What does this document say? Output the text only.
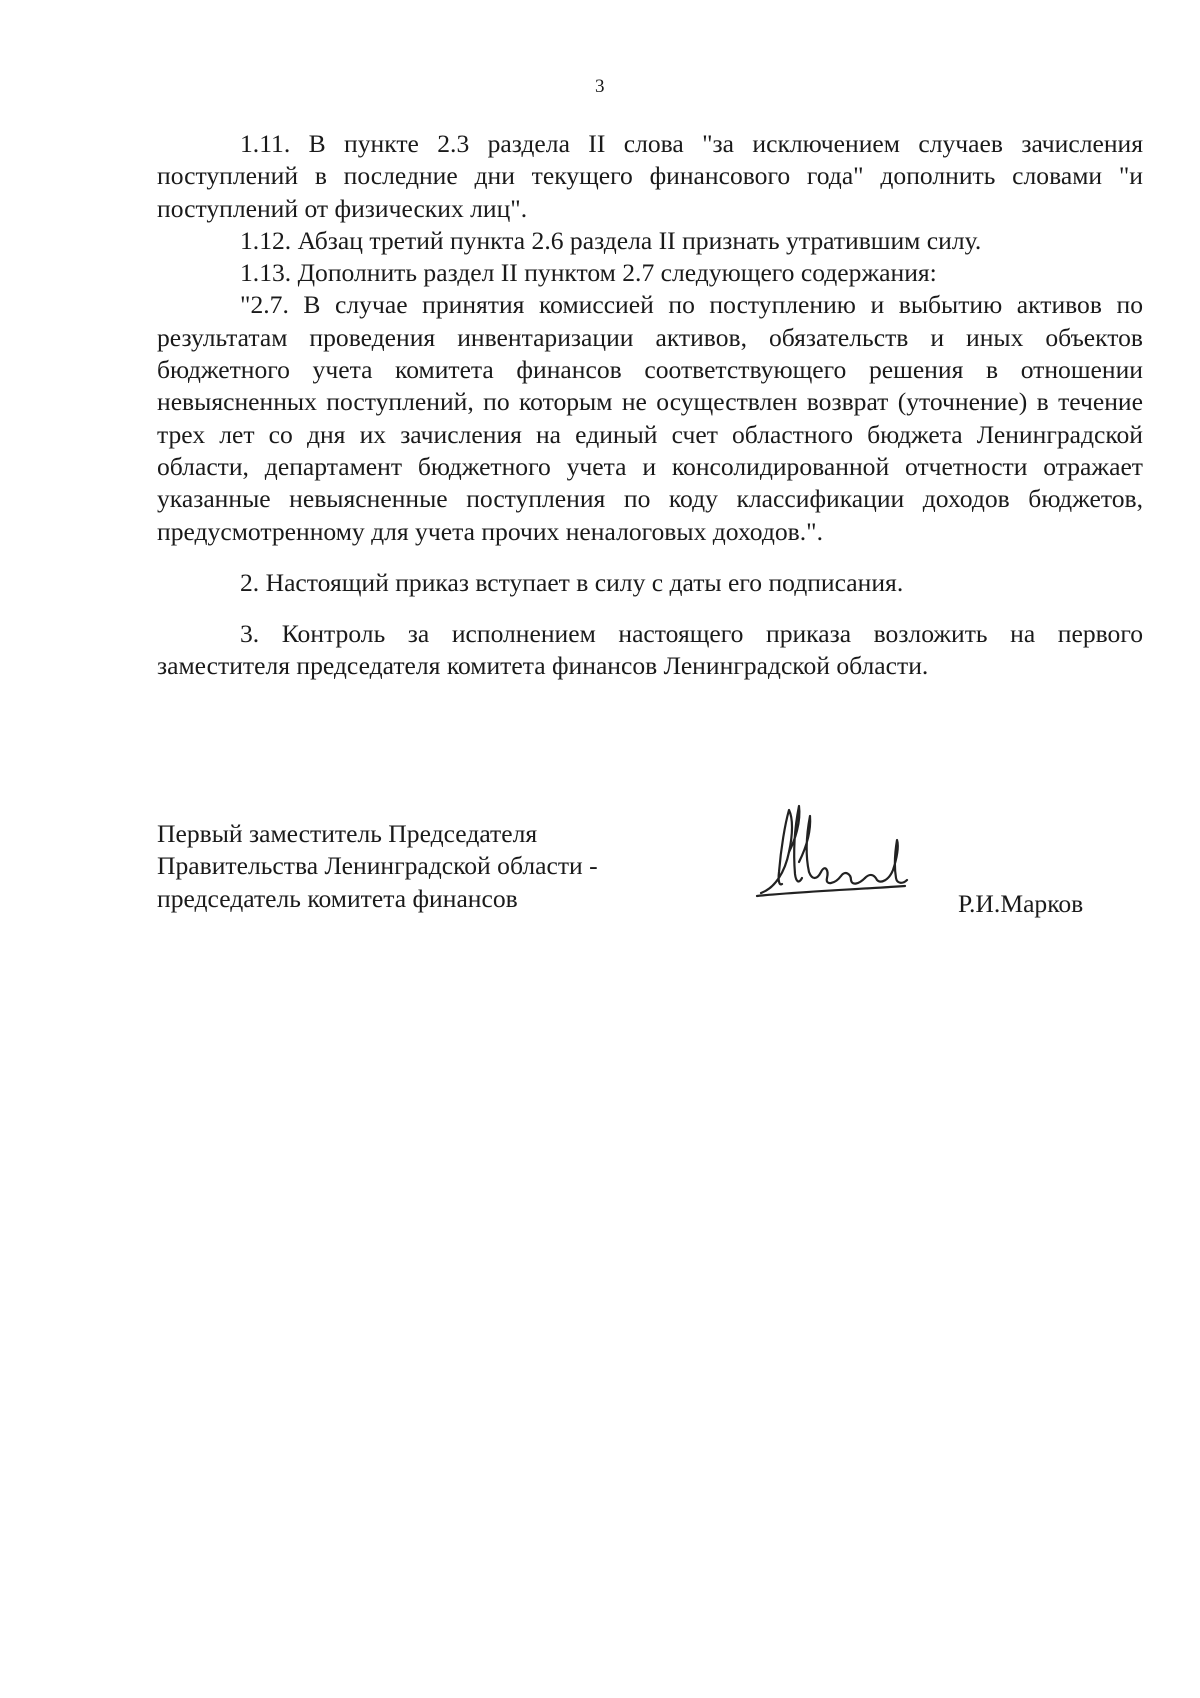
3

1.11. В пункте 2.3 раздела II слова "за исключением случаев зачисления поступлений в последние дни текущего финансового года" дополнить словами "и поступлений от физических лиц".

1.12. Абзац третий пункта 2.6 раздела II признать утратившим силу.

1.13. Дополнить раздел II пунктом 2.7 следующего содержания:

"2.7. В случае принятия комиссией по поступлению и выбытию активов по результатам проведения инвентаризации активов, обязательств и иных объектов бюджетного учета комитета финансов соответствующего решения в отношении невыясненных поступлений, по которым не осуществлен возврат (уточнение) в течение трех лет со дня их зачисления на единый счет областного бюджета Ленинградской области, департамент бюджетного учета и консолидированной отчетности отражает указанные невыясненные поступления по коду классификации доходов бюджетов, предусмотренному для учета прочих неналоговых доходов.".

2. Настоящий приказ вступает в силу с даты его подписания.

3. Контроль за исполнением настоящего приказа возложить на первого заместителя председателя комитета финансов Ленинградской области.

Первый заместитель Председателя
Правительства Ленинградской области -
председатель комитета финансов	Р.И.Марков
